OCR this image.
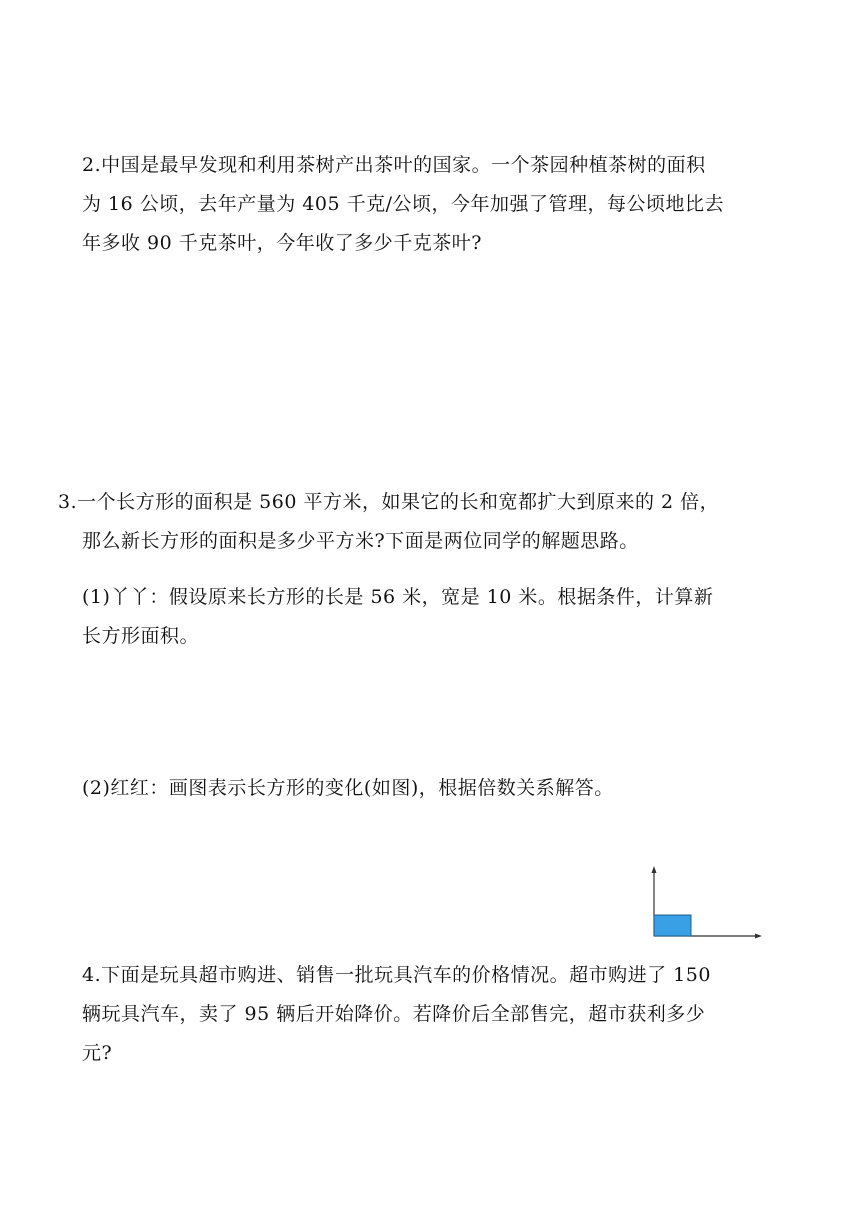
2.中国是最早发现和利用茶树产出茶叶的国家。一个茶园种植茶树的面积
为 16 公顷，去年产量为 405 千克/公顷，今年加强了管理，每公顷地比去
年多收 90 千克茶叶，今年收了多少千克茶叶?
3.一个长方形的面积是 560 平方米，如果它的长和宽都扩大到原来的 2 倍，
那么新长方形的面积是多少平方米?下面是两位同学的解题思路。
(1)丫丫：假设原来长方形的长是 56 米，宽是 10 米。根据条件，计算新
长方形面积。
(2)红红：画图表示长方形的变化(如图)，根据倍数关系解答。
4.下面是玩具超市购进、销售一批玩具汽车的价格情况。超市购进了 150
辆玩具汽车，卖了 95 辆后开始降价。若降价后全部售完，超市获利多少
元?
